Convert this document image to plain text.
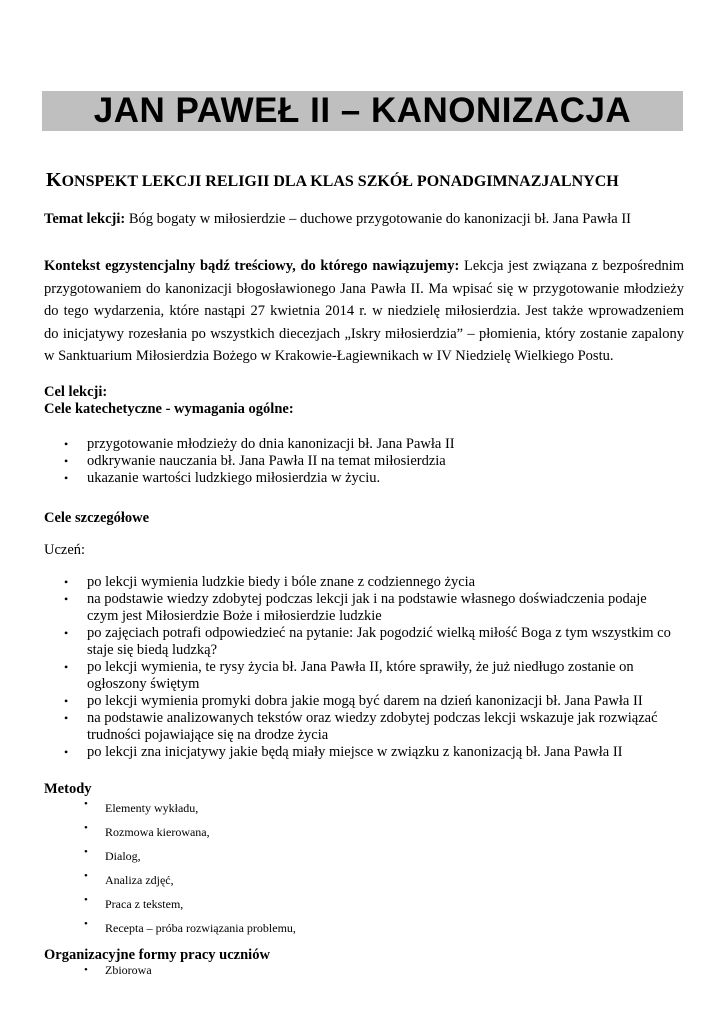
JAN PAWEŁ II – KANONIZACJA
KONSPEKT LEKCJI RELIGII DLA KLAS SZKÓŁ PONADGIMNAZJALNYCH
Temat lekcji: Bóg bogaty w miłosierdzie – duchowe przygotowanie do kanonizacji bł. Jana Pawła II
Kontekst egzystencjalny bądź treściowy, do którego nawiązujemy: Lekcja jest związana z bezpośrednim
przygotowaniem do kanonizacji błogosławionego Jana Pawła II. Ma wpisać się w przygotowanie młodzieży
do tego wydarzenia, które nastąpi 27 kwietnia 2014 r. w niedzielę miłosierdzia. Jest także wprowadzeniem
do inicjatywy rozesłania po wszystkich diecezjach „Iskry miłosierdzia” – płomienia, który zostanie zapalony
w Sanktuarium Miłosierdzia Bożego w Krakowie-Łagiewnikach w IV Niedzielę Wielkiego Postu.
Cel lekcji:
Cele katechetyczne - wymagania ogólne:
• przygotowanie młodzieży do dnia kanonizacji bł. Jana Pawła II
• odkrywanie nauczania bł. Jana Pawła II na temat miłosierdzia
• ukazanie wartości ludzkiego miłosierdzia w życiu.
Cele szczegółowe
Uczeń:
• po lekcji wymienia ludzkie biedy i bóle znane z codziennego życia
• na podstawie wiedzy zdobytej podczas lekcji jak i na podstawie własnego doświadczenia podaje
czym jest Miłosierdzie Boże i miłosierdzie ludzkie
• po zajęciach potrafi odpowiedzieć na pytanie: Jak pogodzić wielką miłość Boga z tym wszystkim co
staje się biedą ludzką?
• po lekcji wymienia, te rysy życia bł. Jana Pawła II, które sprawiły, że już niedługo zostanie on
ogłoszony świętym
• po lekcji wymienia promyki dobra jakie mogą być darem na dzień kanonizacji bł. Jana Pawła II
• na podstawie analizowanych tekstów oraz wiedzy zdobytej podczas lekcji wskazuje jak rozwiązać
trudności pojawiające się na drodze życia
• po lekcji zna inicjatywy jakie będą miały miejsce w związku z kanonizacją bł. Jana Pawła II
Metody
• Elementy wykładu,
• Rozmowa kierowana,
• Dialog,
• Analiza zdjęć,
• Praca z tekstem,
• Recepta – próba rozwiązania problemu,
Organizacyjne formy pracy uczniów
• Zbiorowa
